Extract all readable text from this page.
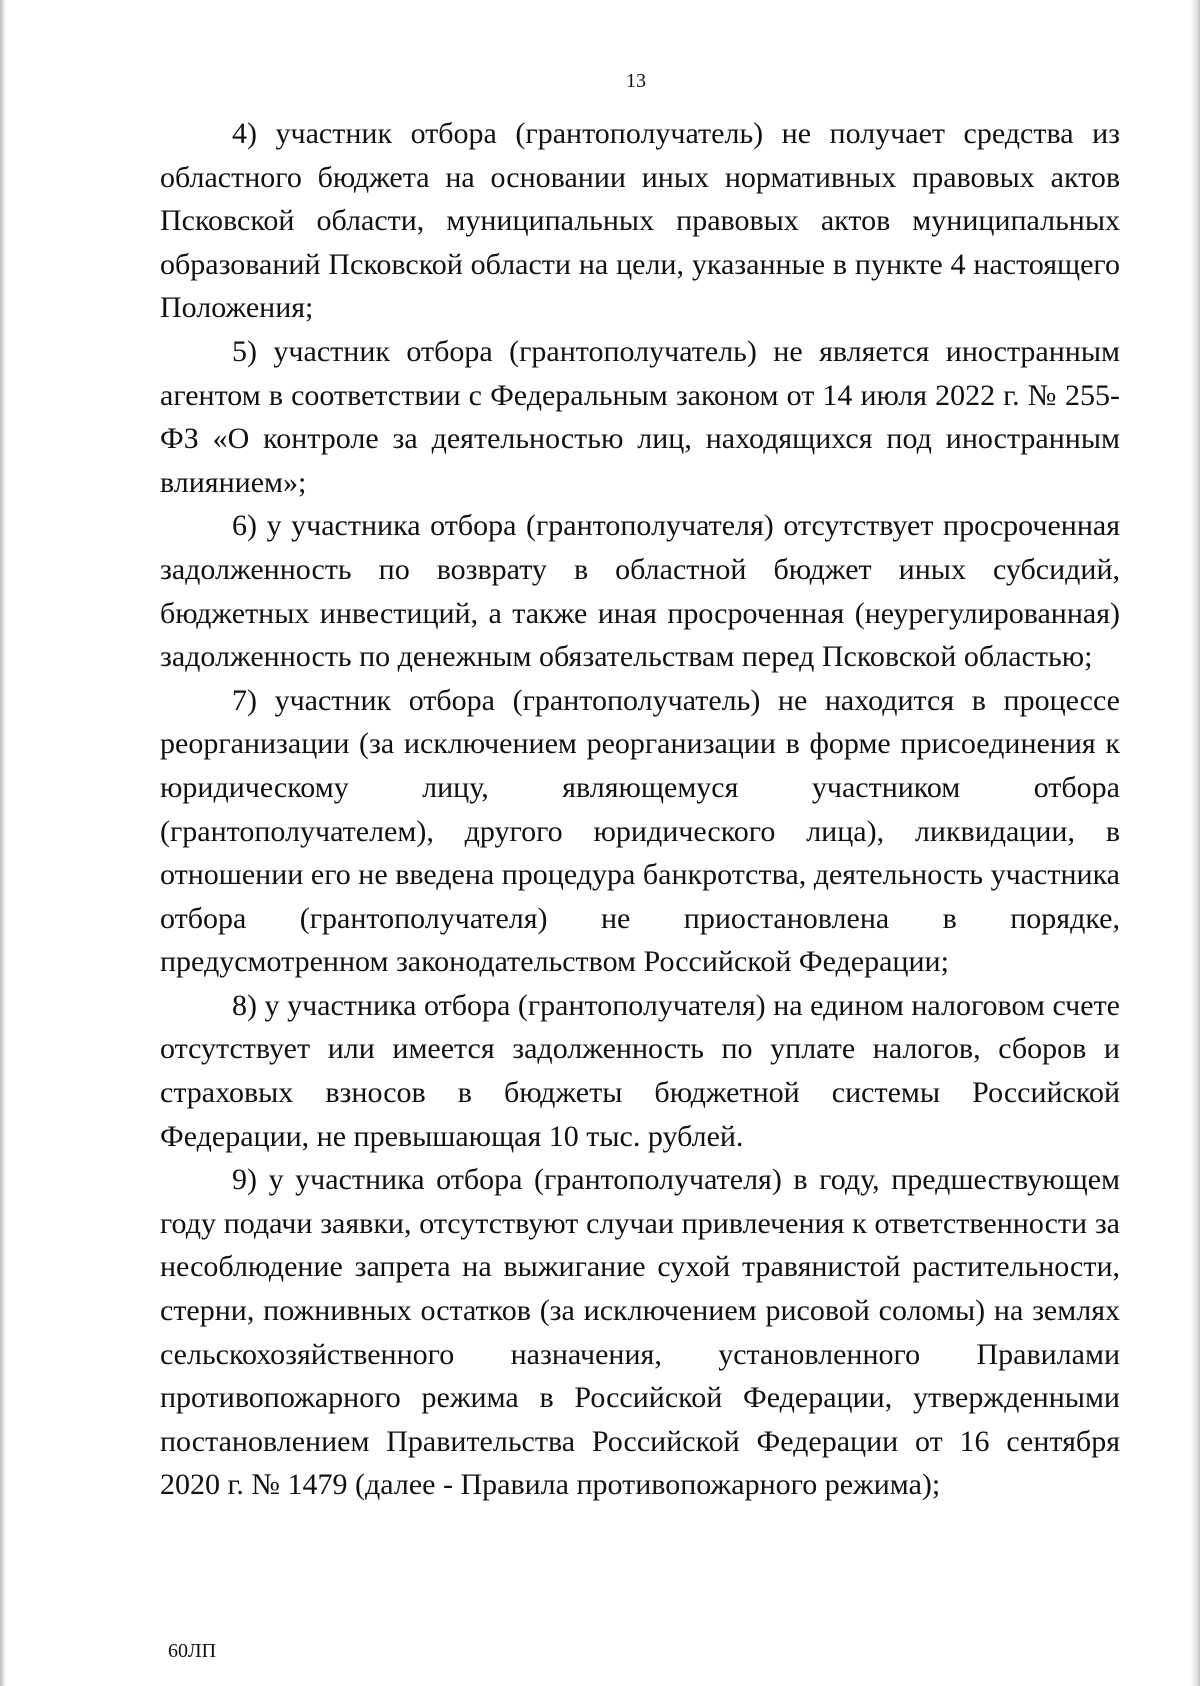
13

4) участник отбора (грантополучатель) не получает средства из областного бюджета на основании иных нормативных правовых актов Псковской области, муниципальных правовых актов муниципальных образований Псковской области на цели, указанные в пункте 4 настоящего Положения;

5) участник отбора (грантополучатель) не является иностранным агентом в соответствии с Федеральным законом от 14 июля 2022 г. № 255-ФЗ «О контроле за деятельностью лиц, находящихся под иностранным влиянием»;

6) у участника отбора (грантополучателя) отсутствует просроченная задолженность по возврату в областной бюджет иных субсидий, бюджетных инвестиций, а также иная просроченная (неурегулированная) задолженность по денежным обязательствам перед Псковской областью;

7) участник отбора (грантополучатель) не находится в процессе реорганизации (за исключением реорганизации в форме присоединения к юридическому лицу, являющемуся участником отбора (грантополучателем), другого юридического лица), ликвидации, в отношении его не введена процедура банкротства, деятельность участника отбора (грантополучателя) не приостановлена в порядке, предусмотренном законодательством Российской Федерации;

8) у участника отбора (грантополучателя) на едином налоговом счете отсутствует или имеется задолженность по уплате налогов, сборов и страховых взносов в бюджеты бюджетной системы Российской Федерации, не превышающая 10 тыс. рублей.

9) у участника отбора (грантополучателя) в году, предшествующем году подачи заявки, отсутствуют случаи привлечения к ответственности за несоблюдение запрета на выжигание сухой травянистой растительности, стерни, пожнивных остатков (за исключением рисовой соломы) на землях сельскохозяйственного назначения, установленного Правилами противопожарного режима в Российской Федерации, утвержденными постановлением Правительства Российской Федерации от 16 сентября 2020 г. № 1479 (далее - Правила противопожарного режима);

60ЛП
